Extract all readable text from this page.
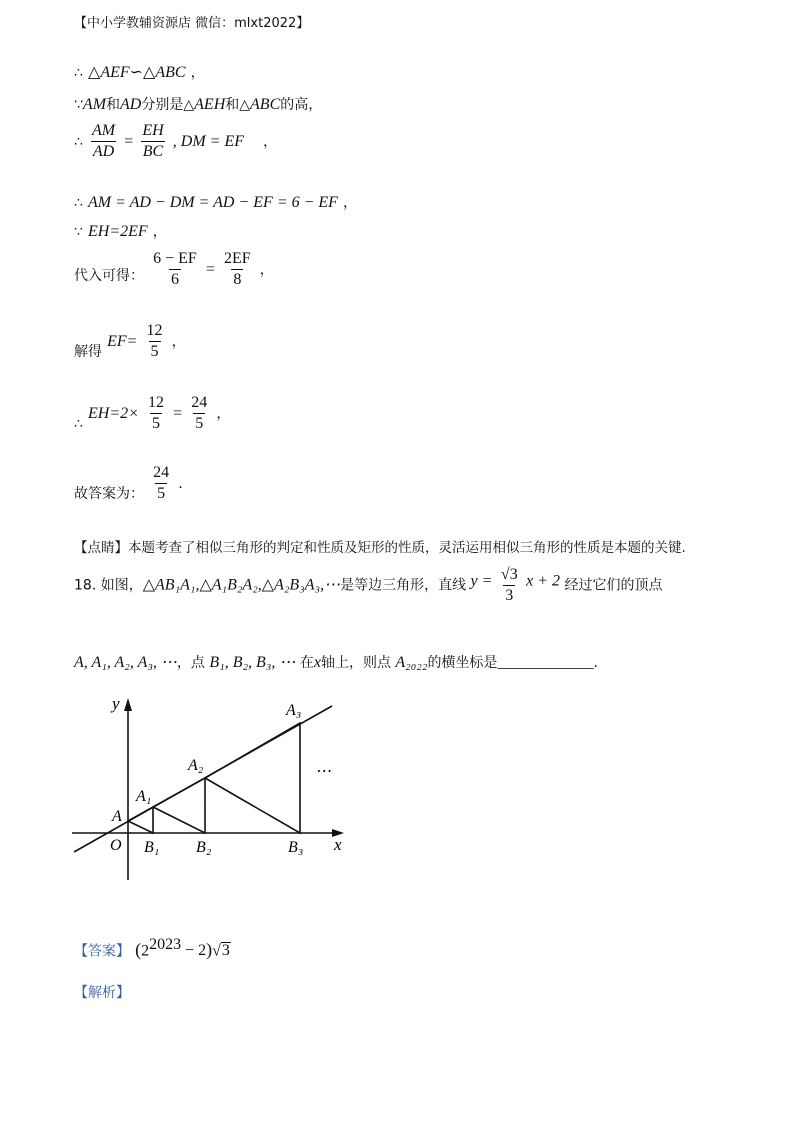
【中小学教辅资源店 微信：mlxt2022】
∴ △AEF∽△ABC ，
∵AM和AD分别是△AEH和△ABC的高，
∴ $\frac{AM}{AD} = \frac{EH}{BC}$ , DM = EF ，
∴ AM = AD − DM = AD − EF = 6 − EF ，
∵ EH=2EF ，
代入可得： $\frac{6 - EF}{6} = \frac{2EF}{8}$ ，
解得 $EF= \frac{12}{5}$ ，
∴ $EH=2\times \frac{12}{5} = \frac{24}{5}$ ，
故答案为： $\frac{24}{5}$ .
【点睛】本题考查了相似三角形的判定和性质及矩形的性质，灵活运用相似三角形的性质是本题的关键.
18. 如图，△AB₁A₁,△A₁B₂A₂,△A₂B₃A₃,⋯是等边三角形，直线 $y = \frac{√3}{3}$ x + 2 经过它们的顶点
A, A₁, A₂, A₃, ⋯，点 B₁, B₂, B₃, ⋯ 在x轴上，则点 A₂₀₂₂的横坐标是____________.
y
x
O
A
A₁
A₂
A₃
B₁ B₂	B₃
⋯
【答案】 $(2^{2023} - 2)√3$
【解析】
